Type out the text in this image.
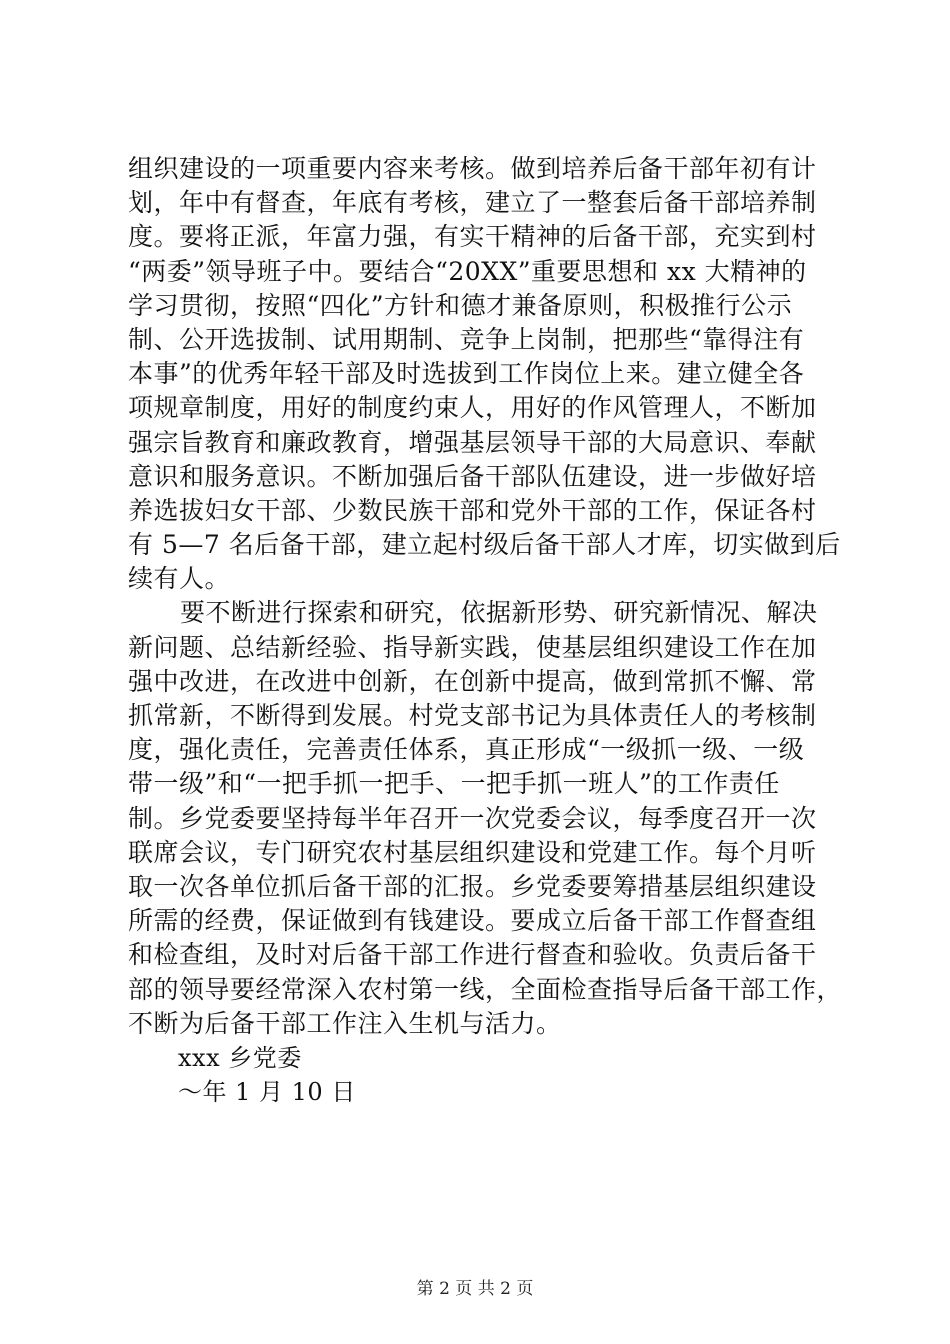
组织建设的一项重要内容来考核。做到培养后备干部年初有计
划，年中有督查，年底有考核，建立了一整套后备干部培养制
度。要将正派，年富力强，有实干精神的后备干部，充实到村
“两委”领导班子中。要结合“20XX”重要思想和 xx 大精神的
学习贯彻，按照“四化”方针和德才兼备原则，积极推行公示
制、公开选拔制、试用期制、竞争上岗制，把那些“靠得注有
本事”的优秀年轻干部及时选拔到工作岗位上来。建立健全各
项规章制度，用好的制度约束人，用好的作风管理人，不断加
强宗旨教育和廉政教育，增强基层领导干部的大局意识、奉献
意识和服务意识。不断加强后备干部队伍建设，进一步做好培
养选拔妇女干部、少数民族干部和党外干部的工作，保证各村
有 5—7 名后备干部，建立起村级后备干部人才库，切实做到后
续有人。
要不断进行探索和研究，依据新形势、研究新情况、解决
新问题、总结新经验、指导新实践，使基层组织建设工作在加
强中改进，在改进中创新，在创新中提高，做到常抓不懈、常
抓常新，不断得到发展。村党支部书记为具体责任人的考核制
度，强化责任，完善责任体系，真正形成“一级抓一级、一级
带一级”和“一把手抓一把手、一把手抓一班人”的工作责任
制。乡党委要坚持每半年召开一次党委会议，每季度召开一次
联席会议，专门研究农村基层组织建设和党建工作。每个月听
取一次各单位抓后备干部的汇报。乡党委要筹措基层组织建设
所需的经费，保证做到有钱建设。要成立后备干部工作督查组
和检查组，及时对后备干部工作进行督查和验收。负责后备干
部的领导要经常深入农村第一线，全面检查指导后备干部工作，
不断为后备干部工作注入生机与活力。
xxx 乡党委
～年 1 月 10 日
第 2 页 共 2 页
